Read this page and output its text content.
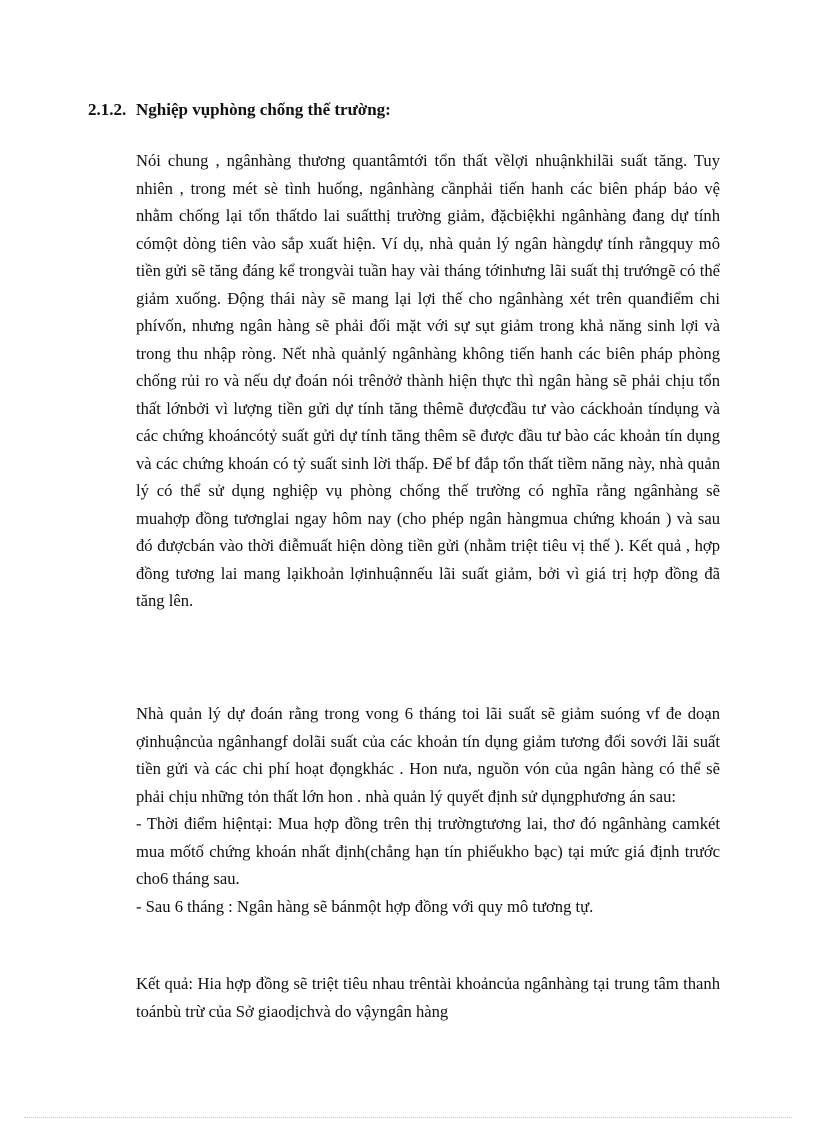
2.1.2. Nghiệp vụphòng chống thế trường:

Nói chung , ngânhàng thương quantâmtới tổn thất vềlợi nhuậnkhilãi suất tăng. Tuy nhiên , trong mét sè tình huống, ngânhàng cầnphải tiến hanh các biên pháp bảo vệ nhằm chống lại tổn thấtdo lai suấtthị trường giảm, đặcbiệkhi ngânhàng đang dự tính cómột dòng tiên vào sắp xuất hiện. Ví dụ, nhà quản lý ngân hàngdự tính rằngquy mô tiền gửi sẽ tăng đáng kể trongvài tuần hay vài tháng tớinhưng lãi suất thị trướngẽ có thể giảm xuống. Động thái này sẽ mang lại lợi thế cho ngânhàng xét trên quanđiểm chi phívốn, nhưng ngân hàng sẽ phải đối mặt với sự sụt giảm trong khả năng sinh lợi và trong thu nhập ròng. Nết nhà quảnlý ngânhàng không tiến hanh các biên pháp phòng chống rủi ro và nếu dự đoán nói trênởở thành hiện thực thì ngân hàng sẽ phải chịu tổn thất lớnbởi vì lượng tiền gửi dự tính tăng thêmẽ đượcđầu tư vào cáckhoản tíndụng và các chứng khoáncótỷ suất gửi dự tính tăng thêm sẽ được đầu tư bào các khoản tín dụng và các chứng khoán có tỷ suất sinh lời thấp. Để bf đắp tổn thất tiềm năng này, nhà quản lý có thể sử dụng nghiệp vụ phòng chống thế trường có nghĩa rằng ngânhàng sẽ muahợp đồng tươnglai ngay hôm nay (cho phép ngân hàngmua chứng khoán ) và sau đó đượcbán vào thời điễmuất hiện dòng tiền gửi (nhằm triệt tiêu vị thế ). Kết quả , hợp đồng tương lai mang lạikhoản lợinhuậnnếu lãi suất giảm, bởi vì giá trị hợp đồng đã tăng lên.

Nhà quản lý dự đoán rằng trong vong 6 tháng toi lãi suất sẽ giảm suóng vf đe doạn ợinhuậncủa ngânhangf dolãi suất của các khoản tín dụng giảm tương đối sovới lãi suất tiền gửi và các chi phí hoạt đọngkhác . Hon nưa, nguồn vón của ngân hàng có thể sẽ phải chịu những tỏn thất lớn hon . nhà quản lý quyết định sử dụngphương án sau:

- Thời điểm hiệntại: Mua hợp đồng trên thị trườngtương lai, thơ đó ngânhàng camkét mua mốtố chứng khoán nhất định(chẳng hạn tín phiếukho bạc) tại mức giá định trước cho6 tháng sau.
- Sau 6 tháng : Ngân hàng sẽ bánmột hợp đồng với quy mô tương tự.

Kết quả: Hia hợp đồng sẽ triệt tiêu nhau trêntài khoảncủa ngânhàng tại trung tâm thanh toánbù trừ của Sở giaodịchvà do vậyngân hàng
